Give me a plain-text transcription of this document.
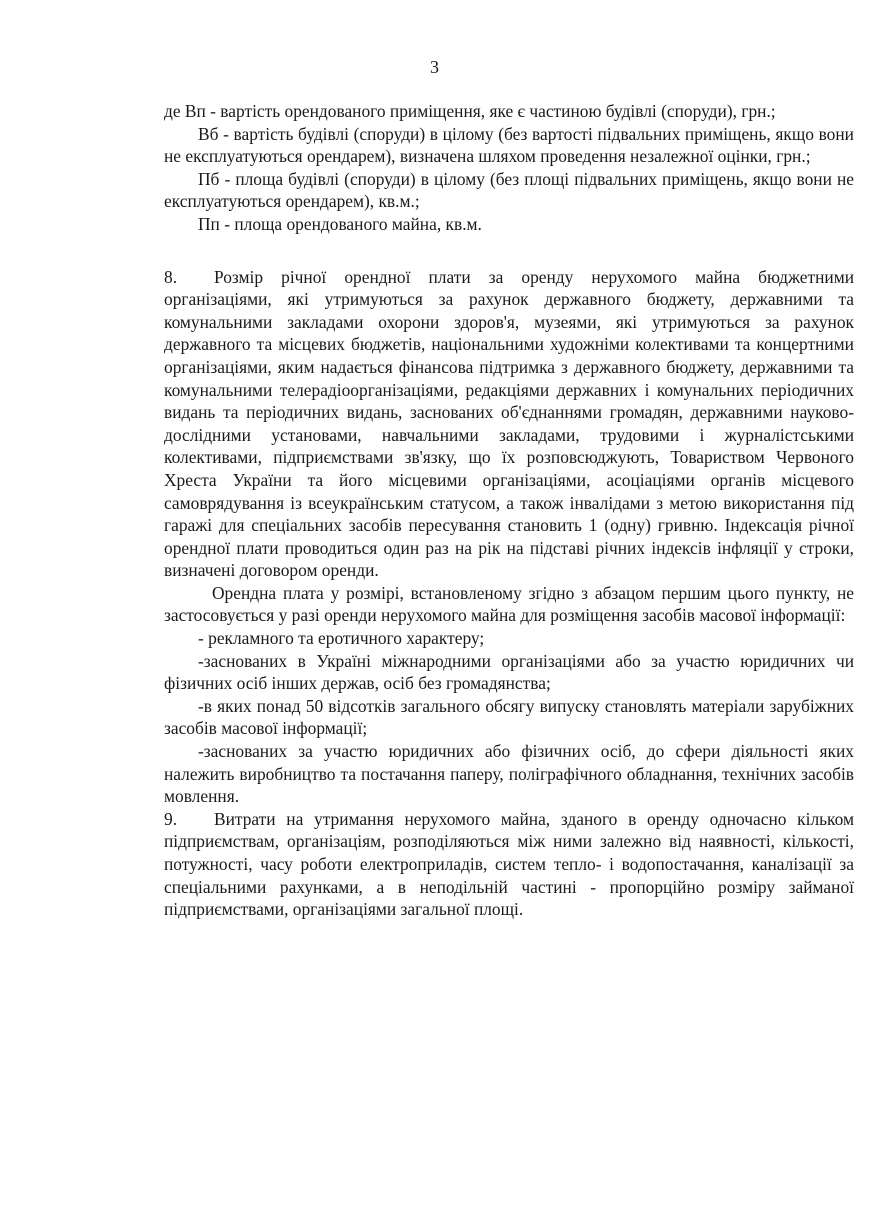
3

де Вп - вартість орендованого приміщення, яке є частиною будівлі (споруди), грн.;

Вб - вартість будівлі (споруди) в цілому (без вартості підвальних приміщень, якщо вони не експлуатуються орендарем), визначена шляхом проведення незалежної оцінки, грн.;

Пб - площа будівлі (споруди) в цілому (без площі підвальних приміщень, якщо вони не експлуатуються орендарем), кв.м.;

Пп - площа орендованого майна, кв.м.

8. Розмір річної орендної плати за оренду нерухомого майна бюджетними організаціями, які утримуються за рахунок державного бюджету, державними та комунальними закладами охорони здоров'я, музеями, які утримуються за рахунок державного та місцевих бюджетів, національними художніми колективами та концертними організаціями, яким надається фінансова підтримка з державного бюджету, державними та комунальними телерадіоорганізаціями, редакціями державних і комунальних періодичних видань та періодичних видань, заснованих об'єднаннями громадян, державними науково-дослідними установами, навчальними закладами, трудовими і журналістськими колективами, підприємствами зв'язку, що їх розповсюджують, Товариством Червоного Хреста України та його місцевими організаціями, асоціаціями органів місцевого самоврядування із всеукраїнським статусом, а також інвалідами з метою використання під гаражі для спеціальних засобів пересування становить 1 (одну) гривню. Індексація річної орендної плати проводиться один раз на рік на підставі річних індексів інфляції у строки, визначені договором оренди.

Орендна плата у розмірі, встановленому згідно з абзацом першим цього пункту, не застосовується у разі оренди нерухомого майна для розміщення засобів масової інформації:

- рекламного та еротичного характеру;

-заснованих в Україні міжнародними організаціями або за участю юридичних чи фізичних осіб інших держав, осіб без громадянства;

-в яких понад 50 відсотків загального обсягу випуску становлять матеріали зарубіжних засобів масової інформації;

-заснованих за участю юридичних або фізичних осіб, до сфери діяльності яких належить виробництво та постачання паперу, поліграфічного обладнання, технічних засобів мовлення.

9. Витрати на утримання нерухомого майна, зданого в оренду одночасно кільком підприємствам, організаціям, розподіляються між ними залежно від наявності, кількості, потужності, часу роботи електроприладів, систем тепло- і водопостачання, каналізації за спеціальними рахунками, а в неподільній частині - пропорційно розміру займаної підприємствами, організаціями загальної площі.
